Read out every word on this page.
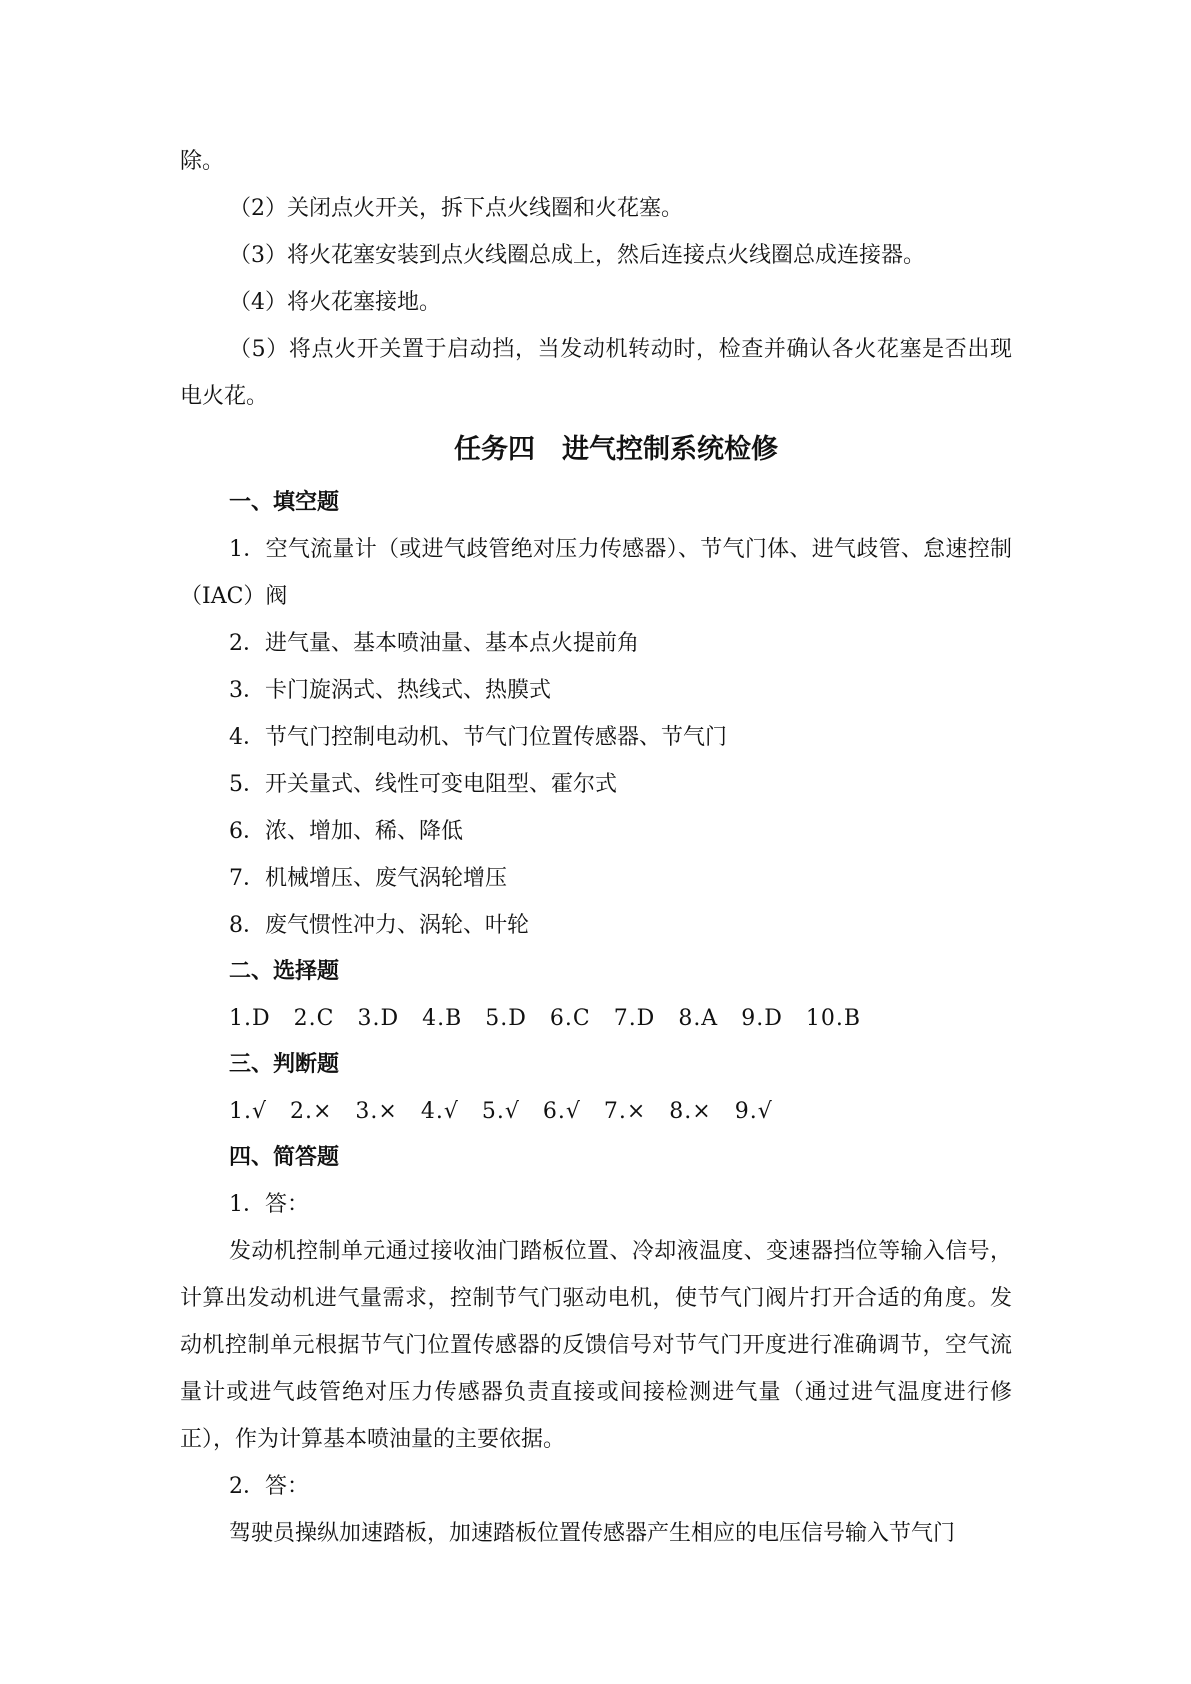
除。

（2）关闭点火开关，拆下点火线圈和火花塞。

（3）将火花塞安装到点火线圈总成上，然后连接点火线圈总成连接器。

（4）将火花塞接地。

（5）将点火开关置于启动挡，当发动机转动时，检查并确认各火花塞是否出现电火花。

任务四　进气控制系统检修

一、填空题

1．空气流量计（或进气歧管绝对压力传感器）、节气门体、进气歧管、怠速控制（IAC）阀

2．进气量、基本喷油量、基本点火提前角

3．卡门旋涡式、热线式、热膜式

4．节气门控制电动机、节气门位置传感器、节气门

5．开关量式、线性可变电阻型、霍尔式

6．浓、增加、稀、降低

7．机械增压、废气涡轮增压

8．废气惯性冲力、涡轮、叶轮

二、选择题

1.D　2.C　3.D　4.B　5.D　6.C　7.D　8.A　9.D　10.B

三、判断题

1.√　2.×　3.×　4.√　5.√　6.√　7.×　8.×　9.√

四、简答题

1．答：

发动机控制单元通过接收油门踏板位置、冷却液温度、变速器挡位等输入信号，计算出发动机进气量需求，控制节气门驱动电机，使节气门阀片打开合适的角度。发动机控制单元根据节气门位置传感器的反馈信号对节气门开度进行准确调节，空气流量计或进气歧管绝对压力传感器负责直接或间接检测进气量（通过进气温度进行修正），作为计算基本喷油量的主要依据。

2．答：

驾驶员操纵加速踏板，加速踏板位置传感器产生相应的电压信号输入节气门
